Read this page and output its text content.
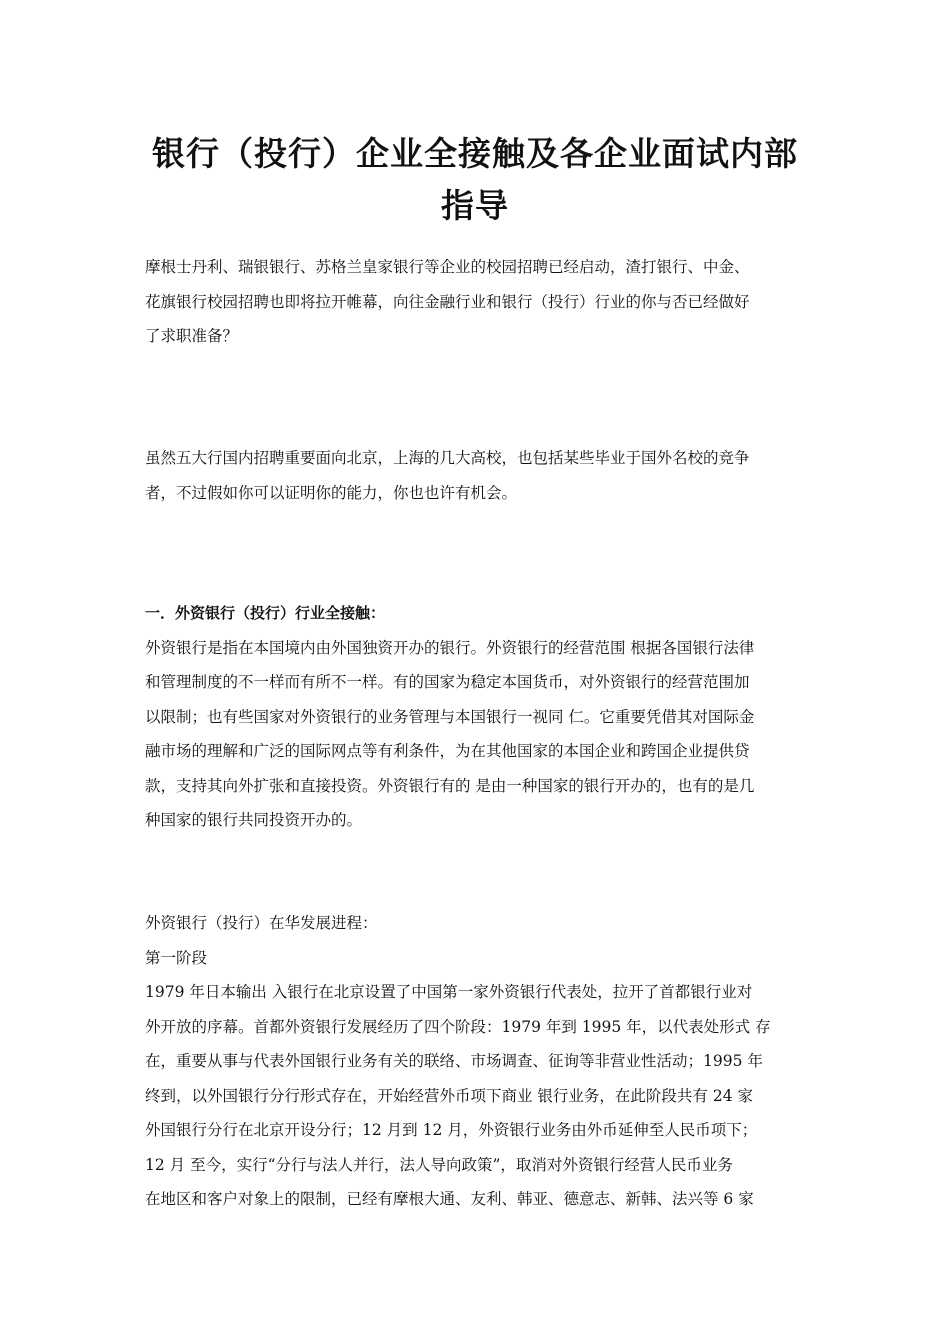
银行（投行）企业全接触及各企业面试内部
指导

摩根士丹利、瑞银银行、苏格兰皇家银行等企业的校园招聘已经启动，渣打银行、中金、

花旗银行校园招聘也即将拉开帷幕，向往金融行业和银行（投行）行业的你与否已经做好

了求职准备？

虽然五大行国内招聘重要面向北京，上海的几大高校，也包括某些毕业于国外名校的竞争

者，不过假如你可以证明你的能力，你也也许有机会。

一．外资银行（投行）行业全接触：

外资银行是指在本国境内由外国独资开办的银行。外资银行的经营范围 根据各国银行法律

和管理制度的不一样而有所不一样。有的国家为稳定本国货币，对外资银行的经营范围加

以限制；也有些国家对外资银行的业务管理与本国银行一视同 仁。它重要凭借其对国际金

融市场的理解和广泛的国际网点等有利条件，为在其他国家的本国企业和跨国企业提供贷

款，支持其向外扩张和直接投资。外资银行有的 是由一种国家的银行开办的，也有的是几

种国家的银行共同投资开办的。

外资银行（投行）在华发展进程：

第一阶段

1979 年日本输出 入银行在北京设置了中国第一家外资银行代表处，拉开了首都银行业对

外开放的序幕。首都外资银行发展经历了四个阶段：1979 年到 1995 年，以代表处形式 存

在，重要从事与代表外国银行业务有关的联络、市场调查、征询等非营业性活动；1995 年

终到，以外国银行分行形式存在，开始经营外币项下商业 银行业务，在此阶段共有 24 家

外国银行分行在北京开设分行；12 月到 12 月，外资银行业务由外币延伸至人民币项下；

12 月 至今，实行“分行与法人并行，法人导向政策”，取消对外资银行经营人民币业务

在地区和客户对象上的限制，已经有摩根大通、友利、韩亚、德意志、新韩、法兴等 6 家
